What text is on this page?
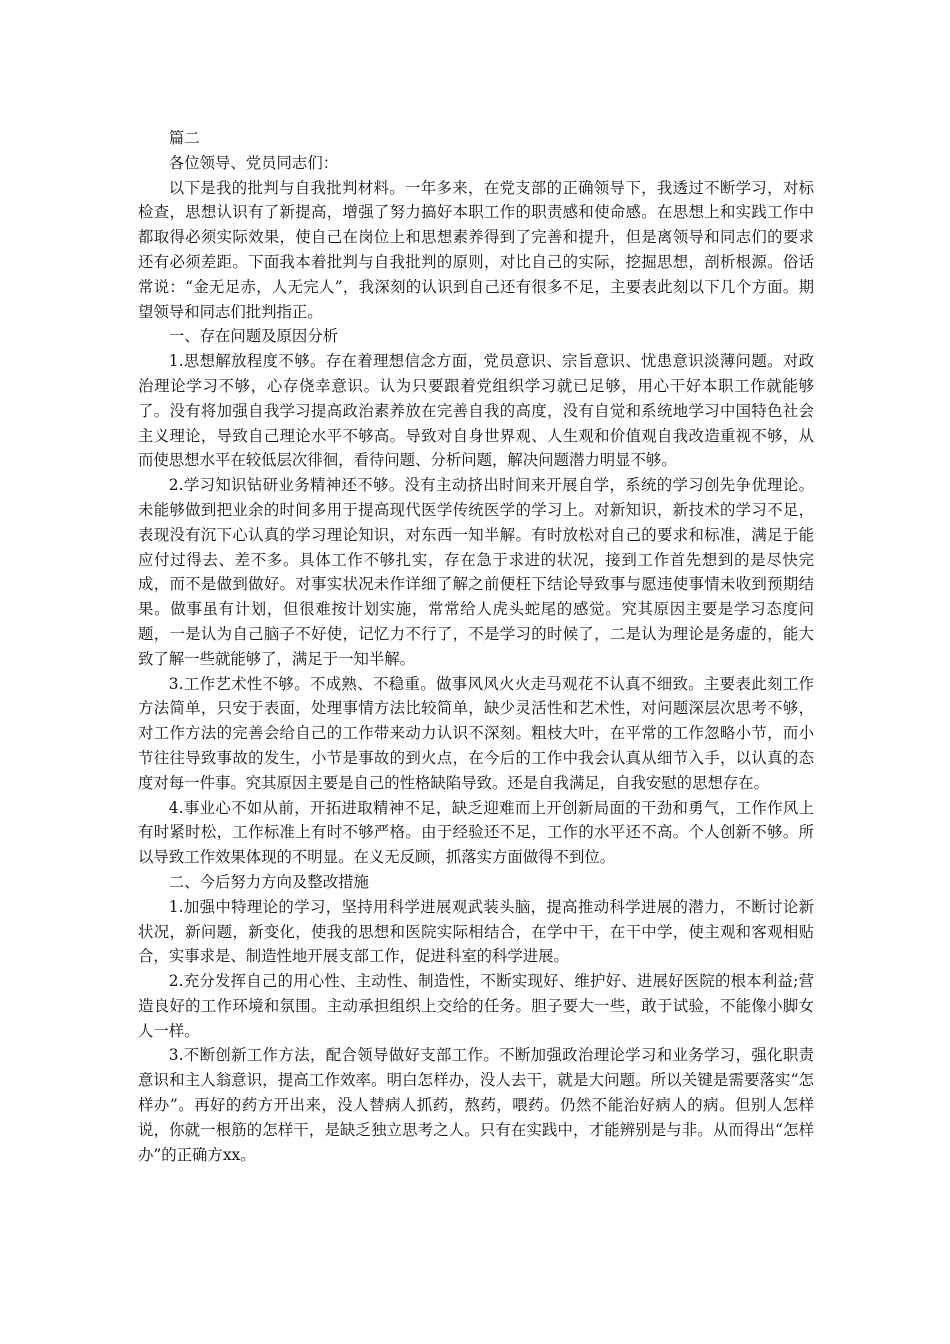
篇二

各位领导、党员同志们：

以下是我的批判与自我批判材料。一年多来，在党支部的正确领导下，我透过不断学习，对标检查，思想认识有了新提高，增强了努力搞好本职工作的职责感和使命感。在思想上和实践工作中都取得必须实际效果，使自己在岗位上和思想素养得到了完善和提升，但是离领导和同志们的要求还有必须差距。下面我本着批判与自我批判的原则，对比自己的实际，挖掘思想，剖析根源。俗话常说：“金无足赤，人无完人”，我深刻的认识到自己还有很多不足，主要表此刻以下几个方面。期望领导和同志们批判指正。

一、存在问题及原因分析

1.思想解放程度不够。存在着理想信念方面，党员意识、宗旨意识、忧患意识淡薄问题。对政治理论学习不够，心存侥幸意识。认为只要跟着党组织学习就已足够，用心干好本职工作就能够了。没有将加强自我学习提高政治素养放在完善自我的高度，没有自觉和系统地学习中国特色社会主义理论，导致自己理论水平不够高。导致对自身世界观、人生观和价值观自我改造重视不够，从而使思想水平在较低层次徘徊，看待问题、分析问题，解决问题潜力明显不够。

2.学习知识钻研业务精神还不够。没有主动挤出时间来开展自学，系统的学习创先争优理论。未能够做到把业余的时间多用于提高现代医学传统医学的学习上。对新知识，新技术的学习不足，表现没有沉下心认真的学习理论知识，对东西一知半解。有时放松对自己的要求和标准，满足于能应付过得去、差不多。具体工作不够扎实，存在急于求进的状况，接到工作首先想到的是尽快完成，而不是做到做好。对事实状况未作详细了解之前便枉下结论导致事与愿违使事情未收到预期结果。做事虽有计划，但很难按计划实施，常常给人虎头蛇尾的感觉。究其原因主要是学习态度问题，一是认为自己脑子不好使，记忆力不行了，不是学习的时候了，二是认为理论是务虚的，能大致了解一些就能够了，满足于一知半解。

3.工作艺术性不够。不成熟、不稳重。做事风风火火走马观花不认真不细致。主要表此刻工作方法简单，只安于表面，处理事情方法比较简单，缺少灵活性和艺术性，对问题深层次思考不够，对工作方法的完善会给自己的工作带来动力认识不深刻。粗枝大叶，在平常的工作忽略小节，而小节往往导致事故的发生，小节是事故的到火点，在今后的工作中我会认真从细节入手，以认真的态度对每一件事。究其原因主要是自己的性格缺陷导致。还是自我满足，自我安慰的思想存在。

4.事业心不如从前，开拓进取精神不足，缺乏迎难而上开创新局面的干劲和勇气，工作作风上有时紧时松，工作标准上有时不够严格。由于经验还不足，工作的水平还不高。个人创新不够。所以导致工作效果体现的不明显。在义无反顾，抓落实方面做得不到位。

二、今后努力方向及整改措施

1.加强中特理论的学习，坚持用科学进展观武装头脑，提高推动科学进展的潜力，不断讨论新状况，新问题，新变化，使我的思想和医院实际相结合，在学中干，在干中学，使主观和客观相贴合，实事求是、制造性地开展支部工作，促进科室的科学进展。

2.充分发挥自己的用心性、主动性、制造性，不断实现好、维护好、进展好医院的根本利益;营造良好的工作环境和氛围。主动承担组织上交给的任务。胆子要大一些，敢于试验，不能像小脚女人一样。

3.不断创新工作方法，配合领导做好支部工作。不断加强政治理论学习和业务学习，强化职责意识和主人翁意识，提高工作效率。明白怎样办，没人去干，就是大问题。所以关键是需要落实“怎样办”。再好的药方开出来，没人替病人抓药，熬药，喂药。仍然不能治好病人的病。但别人怎样说，你就一根筋的怎样干，是缺乏独立思考之人。只有在实践中，才能辨别是与非。从而得出“怎样办”的正确方xx。
